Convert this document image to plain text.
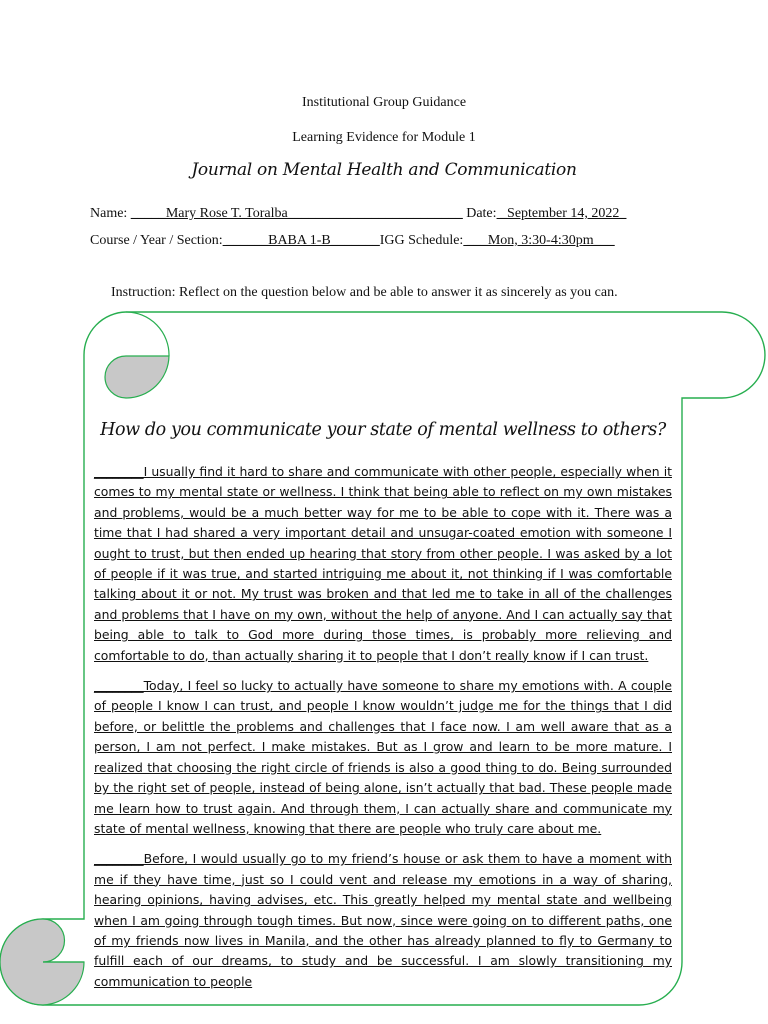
Institutional Group Guidance
Learning Evidence for Module 1
Journal on Mental Health and Communication
Name: _____Mary Rose T. Toralba_________________________ Date: _September 14, 2022_
Course / Year / Section: ______BABA 1-B_______IGG Schedule: ___Mon, 3:30-4:30pm___
Instruction: Reflect on the question below and be able to answer it as sincerely as you can.
How do you communicate your state of mental wellness to others?

________I usually find it hard to share and communicate with other people, especially when it comes to my mental state or wellness. I think that being able to reflect on my own mistakes and problems, would be a much better way for me to be able to cope with it. There was a time that I had shared a very important detail and unsugar-coated emotion with someone I ought to trust, but then ended up hearing that story from other people. I was asked by a lot of people if it was true, and started intriguing me about it, not thinking if I was comfortable talking about it or not. My trust was broken and that led me to take in all of the challenges and problems that I have on my own, without the help of anyone. And I can actually say that being able to talk to God more during those times, is probably more relieving and comfortable to do, than actually sharing it to people that I don’t really know if I can trust.

________Today, I feel so lucky to actually have someone to share my emotions with. A couple of people I know I can trust, and people I know wouldn’t judge me for the things that I did before, or belittle the problems and challenges that I face now. I am well aware that as a person, I am not perfect. I make mistakes. But as I grow and learn to be more mature. I realized that choosing the right circle of friends is also a good thing to do. Being surrounded by the right set of people, instead of being alone, isn’t actually that bad. These people made me learn how to trust again. And through them, I can actually share and communicate my state of mental wellness, knowing that there are people who truly care about me.

________Before, I would usually go to my friend’s house or ask them to have a moment with me if they have time, just so I could vent and release my emotions in a way of sharing, hearing opinions, having advises, etc. This greatly helped my mental state and wellbeing when I am going through tough times. But now, since were going on to different paths, one of my friends now lives in Manila, and the other has already planned to fly to Germany to fulfill each of our dreams, to study and be successful. I am slowly transitioning my communication to people
